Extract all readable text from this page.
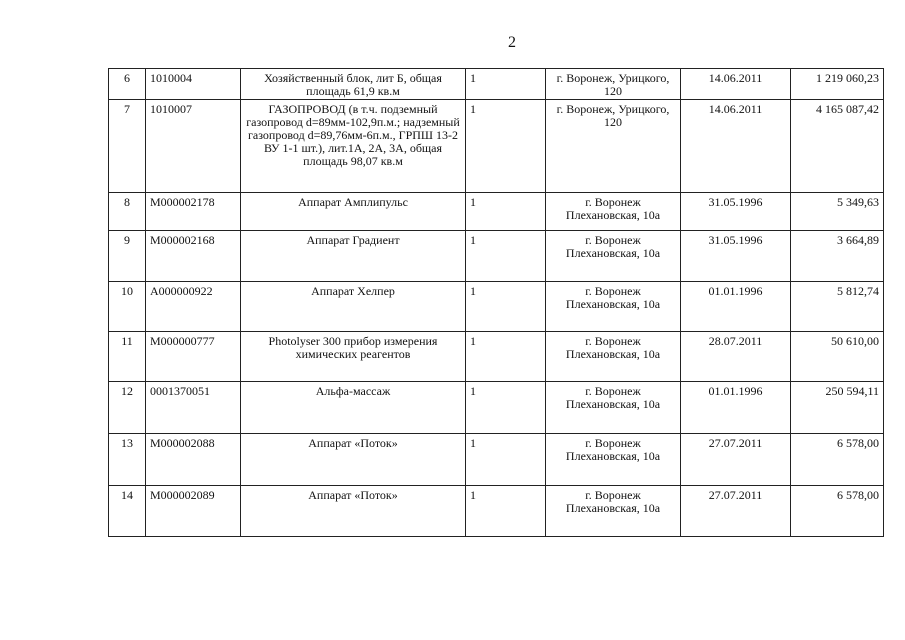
2
6	1010004	Хозяйственный блок, лит Б, общая площадь 61,9 кв.м	1	г. Воронеж, Урицкого, 120	14.06.2011	1 219 060,23
7	1010007	ГАЗОПРОВОД (в т.ч. подземный газопровод d=89мм-102,9п.м.; надземный газопровод d=89,76мм-6п.м., ГРПШ 13-2 ВУ 1-1 шт.), лит.1А, 2А, 3А, общая площадь 98,07 кв.м	1	г. Воронеж, Урицкого, 120	14.06.2011	4 165 087,42
8	М000002178	Аппарат Амплипульс	1	г. Воронеж Плехановская, 10а	31.05.1996	5 349,63
9	М000002168	Аппарат Градиент	1	г. Воронеж Плехановская, 10а	31.05.1996	3 664,89
10	А000000922	Аппарат Хелпер	1	г. Воронеж Плехановская, 10а	01.01.1996	5 812,74
11	М000000777	Photolyser 300 прибор измерения химических реагентов	1	г. Воронеж Плехановская, 10а	28.07.2011	50 610,00
12	0001370051	Альфа-массаж	1	г. Воронеж Плехановская, 10а	01.01.1996	250 594,11
13	М000002088	Аппарат «Поток»	1	г. Воронеж Плехановская, 10а	27.07.2011	6 578,00
14	М000002089	Аппарат «Поток»	1	г. Воронеж Плехановская, 10а	27.07.2011	6 578,00
